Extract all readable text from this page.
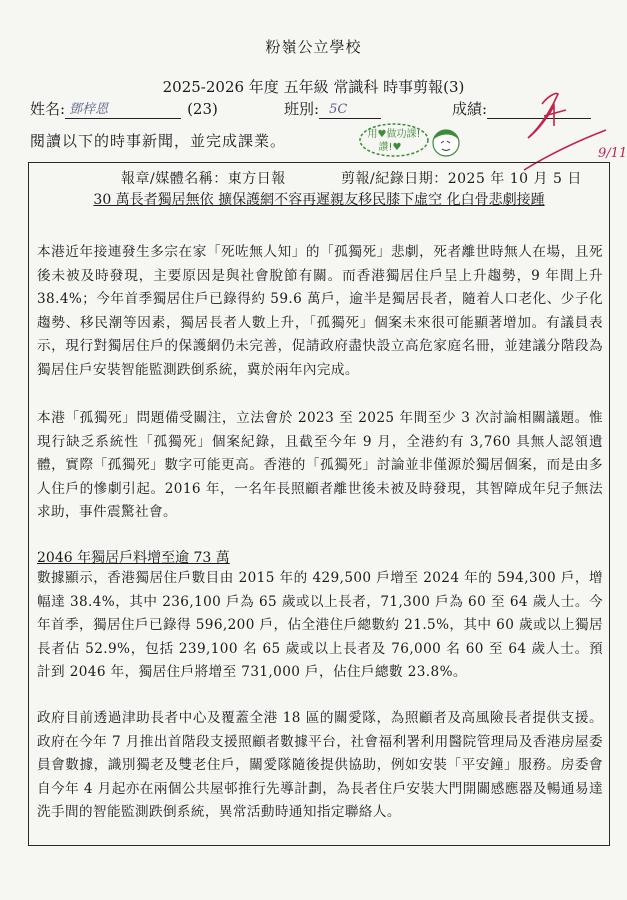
粉嶺公立學校
2025-2026 年度 五年級 常識科 時事剪報(3)
姓名: 鄧梓恩	(23)	班別: 5C	成績:
9/11
閱讀以下的時事新聞，並完成課業。	用♥做功課!
讚!♥
報章/媒體名稱：東方日報	剪報/紀錄日期：2025 年 10 月 5 日
30 萬長者獨居無依 擴保護網不容再遲親友移民膝下虛空 化白骨悲劇接踵
本港近年接連發生多宗在家「死咗無人知」的「孤獨死」悲劇，死者離世時無人在場，且死後未被及時發現，主要原因是與社會脫節有關。而香港獨居住戶呈上升趨勢，9 年間上升 38.4%；今年首季獨居住戶已錄得約 59.6 萬戶，逾半是獨居長者，隨着人口老化、少子化趨勢、移民潮等因素，獨居長者人數上升，「孤獨死」個案未來很可能顯著增加。有議員表示，現行對獨居住戶的保護網仍未完善，促請政府盡快設立高危家庭名冊，並建議分階段為獨居住戶安裝智能監測跌倒系統，冀於兩年內完成。
本港「孤獨死」問題備受關注，立法會於 2023 至 2025 年間至少 3 次討論相關議題。惟現行缺乏系統性「孤獨死」個案紀錄，且截至今年 9 月，全港約有 3,760 具無人認領遺體，實際「孤獨死」數字可能更高。香港的「孤獨死」討論並非僅源於獨居個案，而是由多人住戶的慘劇引起。2016 年，一名年長照顧者離世後未被及時發現，其智障成年兒子無法求助，事件震驚社會。
2046 年獨居戶料增至逾 73 萬
數據顯示，香港獨居住戶數目由 2015 年的 429,500 戶增至 2024 年的 594,300 戶，增幅達 38.4%，其中 236,100 戶為 65 歲或以上長者，71,300 戶為 60 至 64 歲人士。今年首季，獨居住戶已錄得 596,200 戶，佔全港住戶總數約 21.5%，其中 60 歲或以上獨居長者佔 52.9%，包括 239,100 名 65 歲或以上長者及 76,000 名 60 至 64 歲人士。預計到 2046 年，獨居住戶將增至 731,000 戶，佔住戶總數 23.8%。
政府目前透過津助長者中心及覆蓋全港 18 區的關愛隊，為照顧者及高風險長者提供支援。政府在今年 7 月推出首階段支援照顧者數據平台，社會福利署利用醫院管理局及香港房屋委員會數據，識別獨老及雙老住戶，關愛隊隨後提供協助，例如安裝「平安鐘」服務。房委會自今年 4 月起亦在兩個公共屋邨推行先導計劃，為長者住戶安裝大門開關感應器及暢通易達洗手間的智能監測跌倒系統，異常活動時通知指定聯絡人。
